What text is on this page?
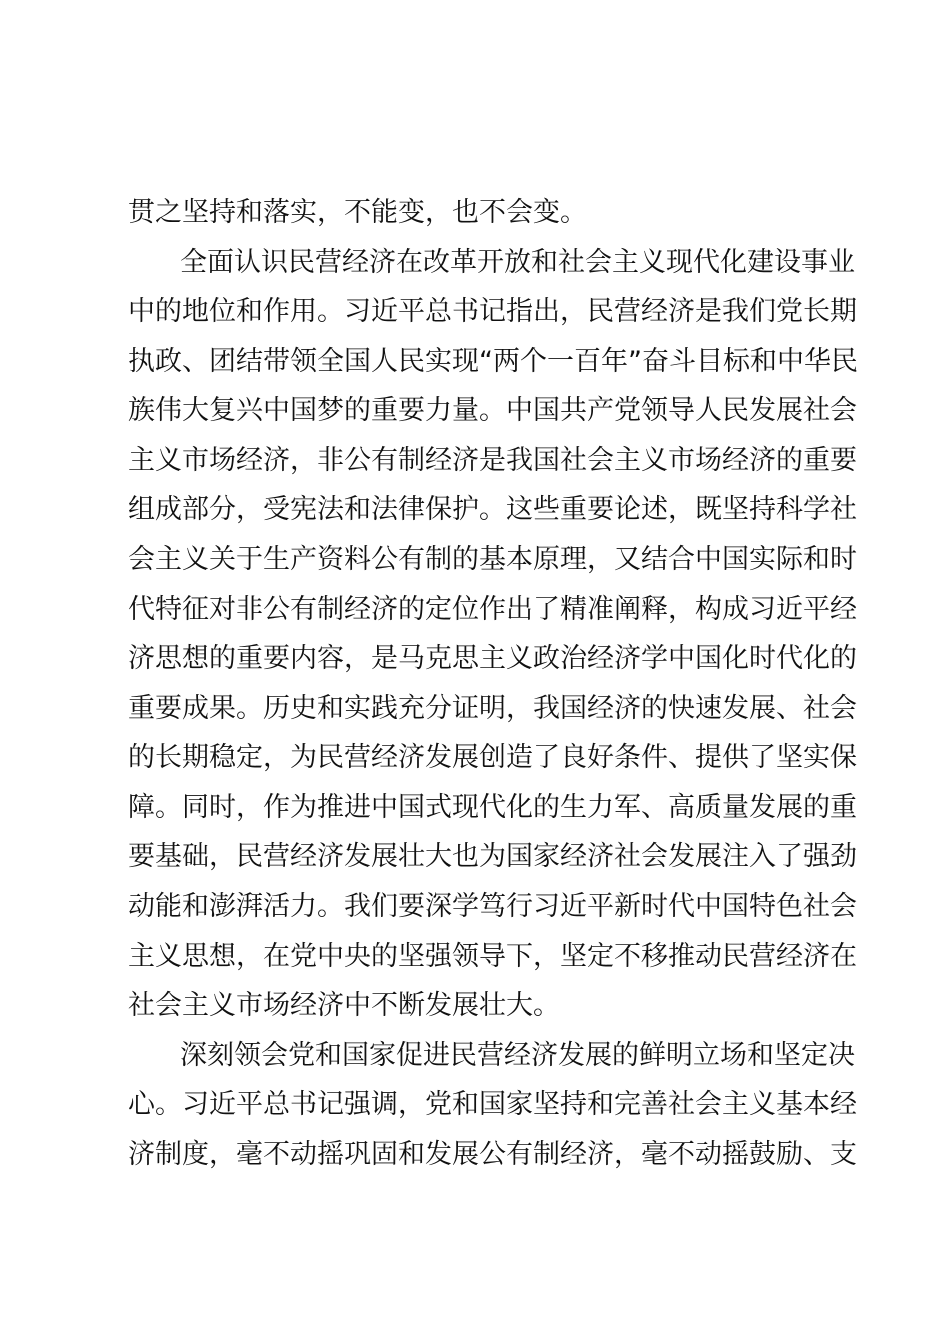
贯之坚持和落实，不能变，也不会变。
全面认识民营经济在改革开放和社会主义现代化建设事业
中的地位和作用。习近平总书记指出，民营经济是我们党长期
执政、团结带领全国人民实现“两个一百年”奋斗目标和中华民
族伟大复兴中国梦的重要力量。中国共产党领导人民发展社会
主义市场经济，非公有制经济是我国社会主义市场经济的重要
组成部分，受宪法和法律保护。这些重要论述，既坚持科学社
会主义关于生产资料公有制的基本原理，又结合中国实际和时
代特征对非公有制经济的定位作出了精准阐释，构成习近平经
济思想的重要内容，是马克思主义政治经济学中国化时代化的
重要成果。历史和实践充分证明，我国经济的快速发展、社会
的长期稳定，为民营经济发展创造了良好条件、提供了坚实保
障。同时，作为推进中国式现代化的生力军、高质量发展的重
要基础，民营经济发展壮大也为国家经济社会发展注入了强劲
动能和澎湃活力。我们要深学笃行习近平新时代中国特色社会
主义思想，在党中央的坚强领导下，坚定不移推动民营经济在
社会主义市场经济中不断发展壮大。
深刻领会党和国家促进民营经济发展的鲜明立场和坚定决
心。习近平总书记强调，党和国家坚持和完善社会主义基本经
济制度，毫不动摇巩固和发展公有制经济，毫不动摇鼓励、支
